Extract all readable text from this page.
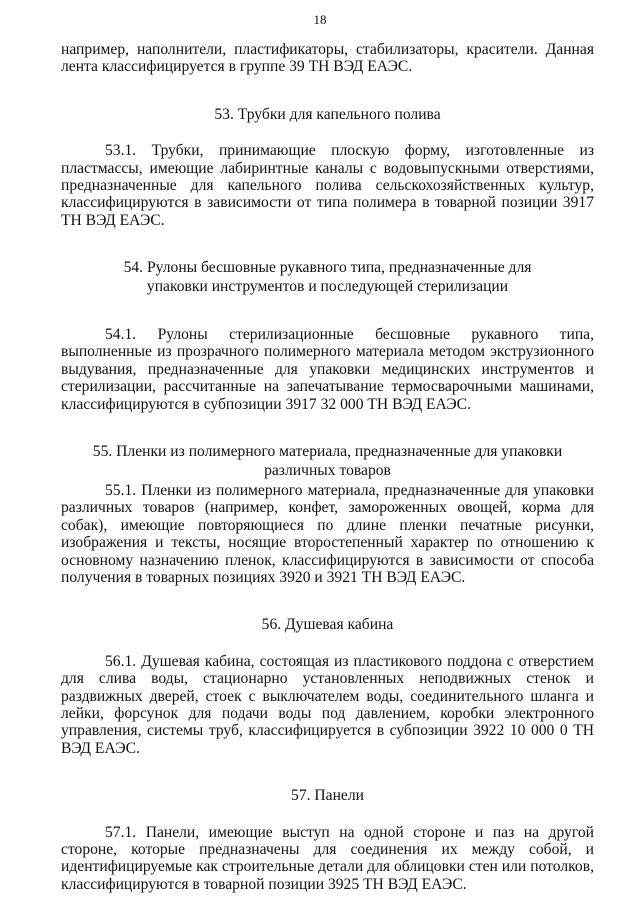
18

например, наполнители, пластификаторы, стабилизаторы, красители. Данная лента классифицируется в группе 39 ТН ВЭД ЕАЭС.

53. Трубки для капельного полива

53.1. Трубки, принимающие плоскую форму, изготовленные из пластмассы, имеющие лабиринтные каналы с водовыпускными отверстиями, предназначенные для капельного полива сельскохозяйственных культур, классифицируются в зависимости от типа полимера в товарной позиции 3917 ТН ВЭД ЕАЭС.

54. Рулоны бесшовные рукавного типа, предназначенные для упаковки инструментов и последующей стерилизации

54.1. Рулоны стерилизационные бесшовные рукавного типа, выполненные из прозрачного полимерного материала методом экструзионного выдувания, предназначенные для упаковки медицинских инструментов и стерилизации, рассчитанные на запечатывание термосварочными машинами, классифицируются в субпозиции 3917 32 000 ТН ВЭД ЕАЭС.

55. Пленки из полимерного материала, предназначенные для упаковки различных товаров

55.1. Пленки из полимерного материала, предназначенные для упаковки различных товаров (например, конфет, замороженных овощей, корма для собак), имеющие повторяющиеся по длине пленки печатные рисунки, изображения и тексты, носящие второстепенный характер по отношению к основному назначению пленок, классифицируются в зависимости от способа получения в товарных позициях 3920 и 3921 ТН ВЭД ЕАЭС.

56. Душевая кабина

56.1. Душевая кабина, состоящая из пластикового поддона с отверстием для слива воды, стационарно установленных неподвижных стенок и раздвижных дверей, стоек с выключателем воды, соединительного шланга и лейки, форсунок для подачи воды под давлением, коробки электронного управления, системы труб, классифицируется в субпозиции 3922 10 000 0 ТН ВЭД ЕАЭС.

57. Панели

57.1. Панели, имеющие выступ на одной стороне и паз на другой стороне, которые предназначены для соединения их между собой, и идентифицируемые как строительные детали для облицовки стен или потолков, классифицируются в товарной позиции 3925 ТН ВЭД ЕАЭС.
